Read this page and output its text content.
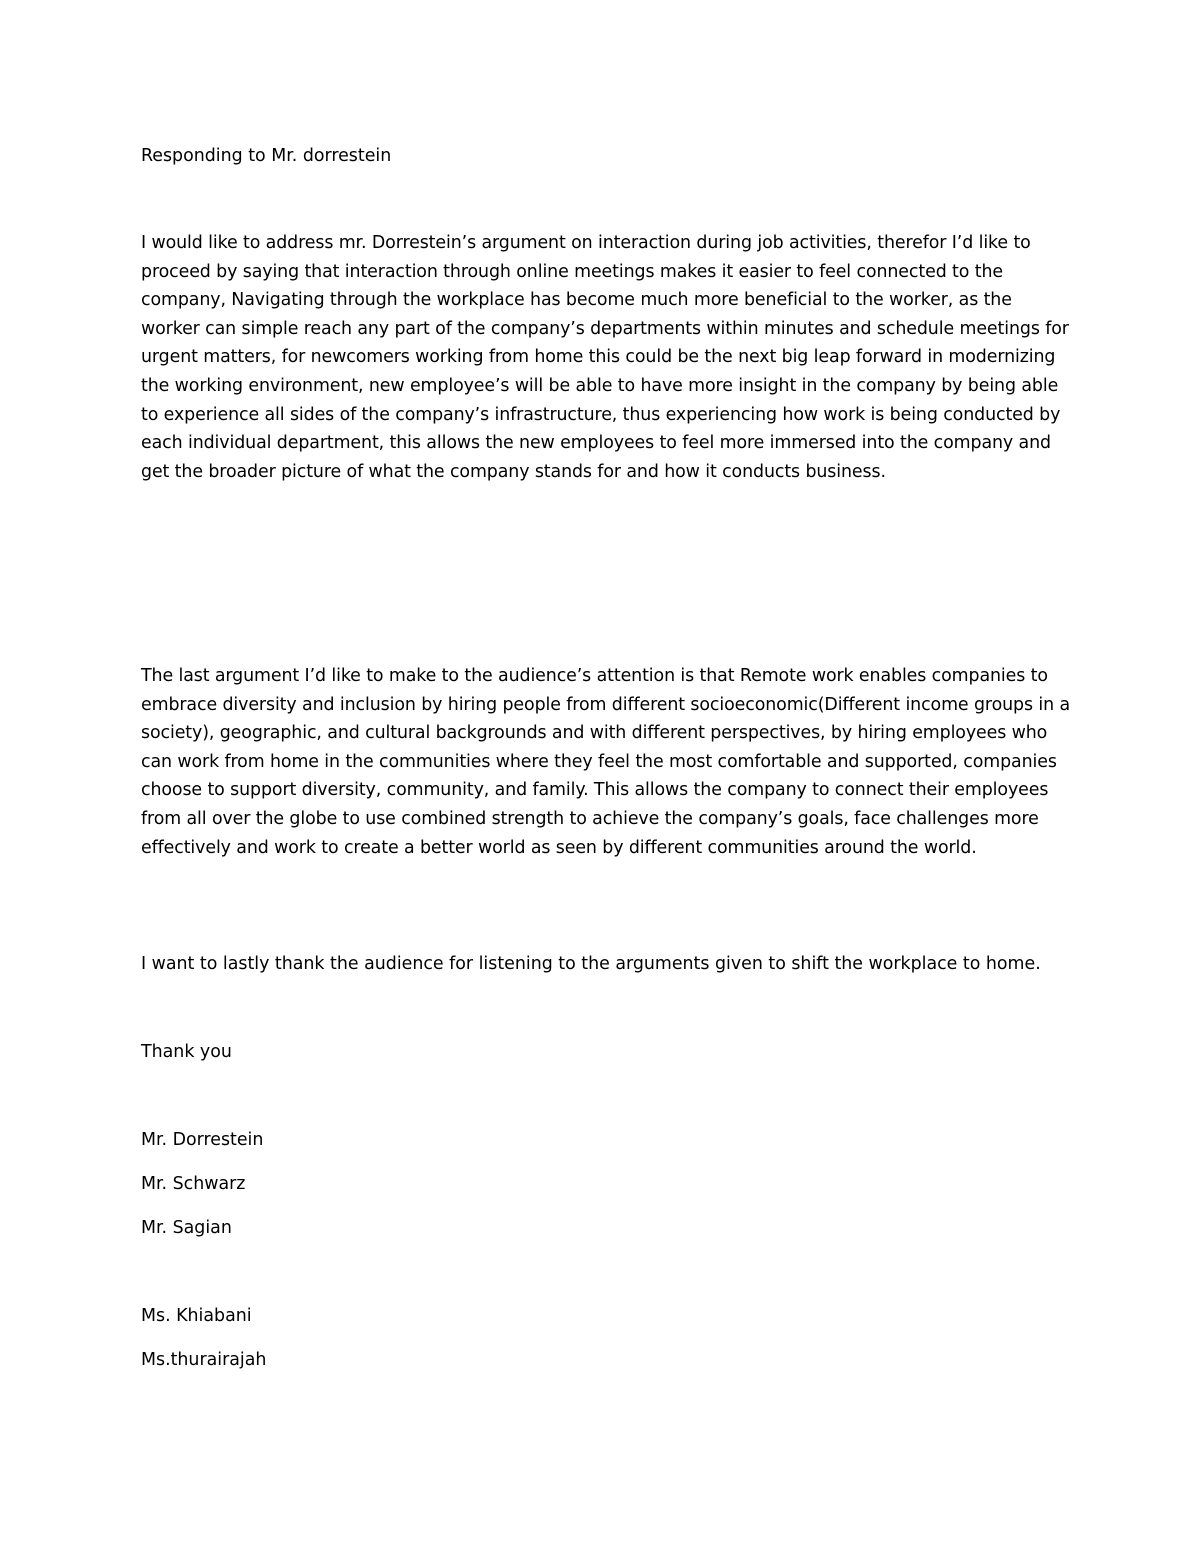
Responding to Mr. dorrestein

I would like to address mr. Dorrestein’s argument on interaction during job activities, therefor I’d like to proceed by saying that interaction through online meetings makes it easier to feel connected to the company, Navigating through the workplace has become much more beneficial to the worker, as the worker can simple reach any part of the company’s departments within minutes and schedule meetings for urgent matters, for newcomers working from home this could be the next big leap forward in modernizing the working environment, new employee’s will be able to have more insight in the company by being able to experience all sides of the company’s infrastructure, thus experiencing how work is being conducted by each individual department, this allows the new employees to feel more immersed into the company and get the broader picture of what the company stands for and how it conducts business.

The last argument I’d like to make to the audience’s attention is that Remote work enables companies to embrace diversity and inclusion by hiring people from different socioeconomic(Different income groups in a society), geographic, and cultural backgrounds and with different perspectives, by hiring employees who can work from home in the communities where they feel the most comfortable and supported, companies choose to support diversity, community, and family. This allows the company to connect their employees from all over the globe to use combined strength to achieve the company’s goals, face challenges more effectively and work to create a better world as seen by different communities around the world.

I want to lastly thank the audience for listening to the arguments given to shift the workplace to home.

Thank you

Mr. Dorrestein

Mr. Schwarz

Mr. Sagian

Ms. Khiabani

Ms.thurairajah
